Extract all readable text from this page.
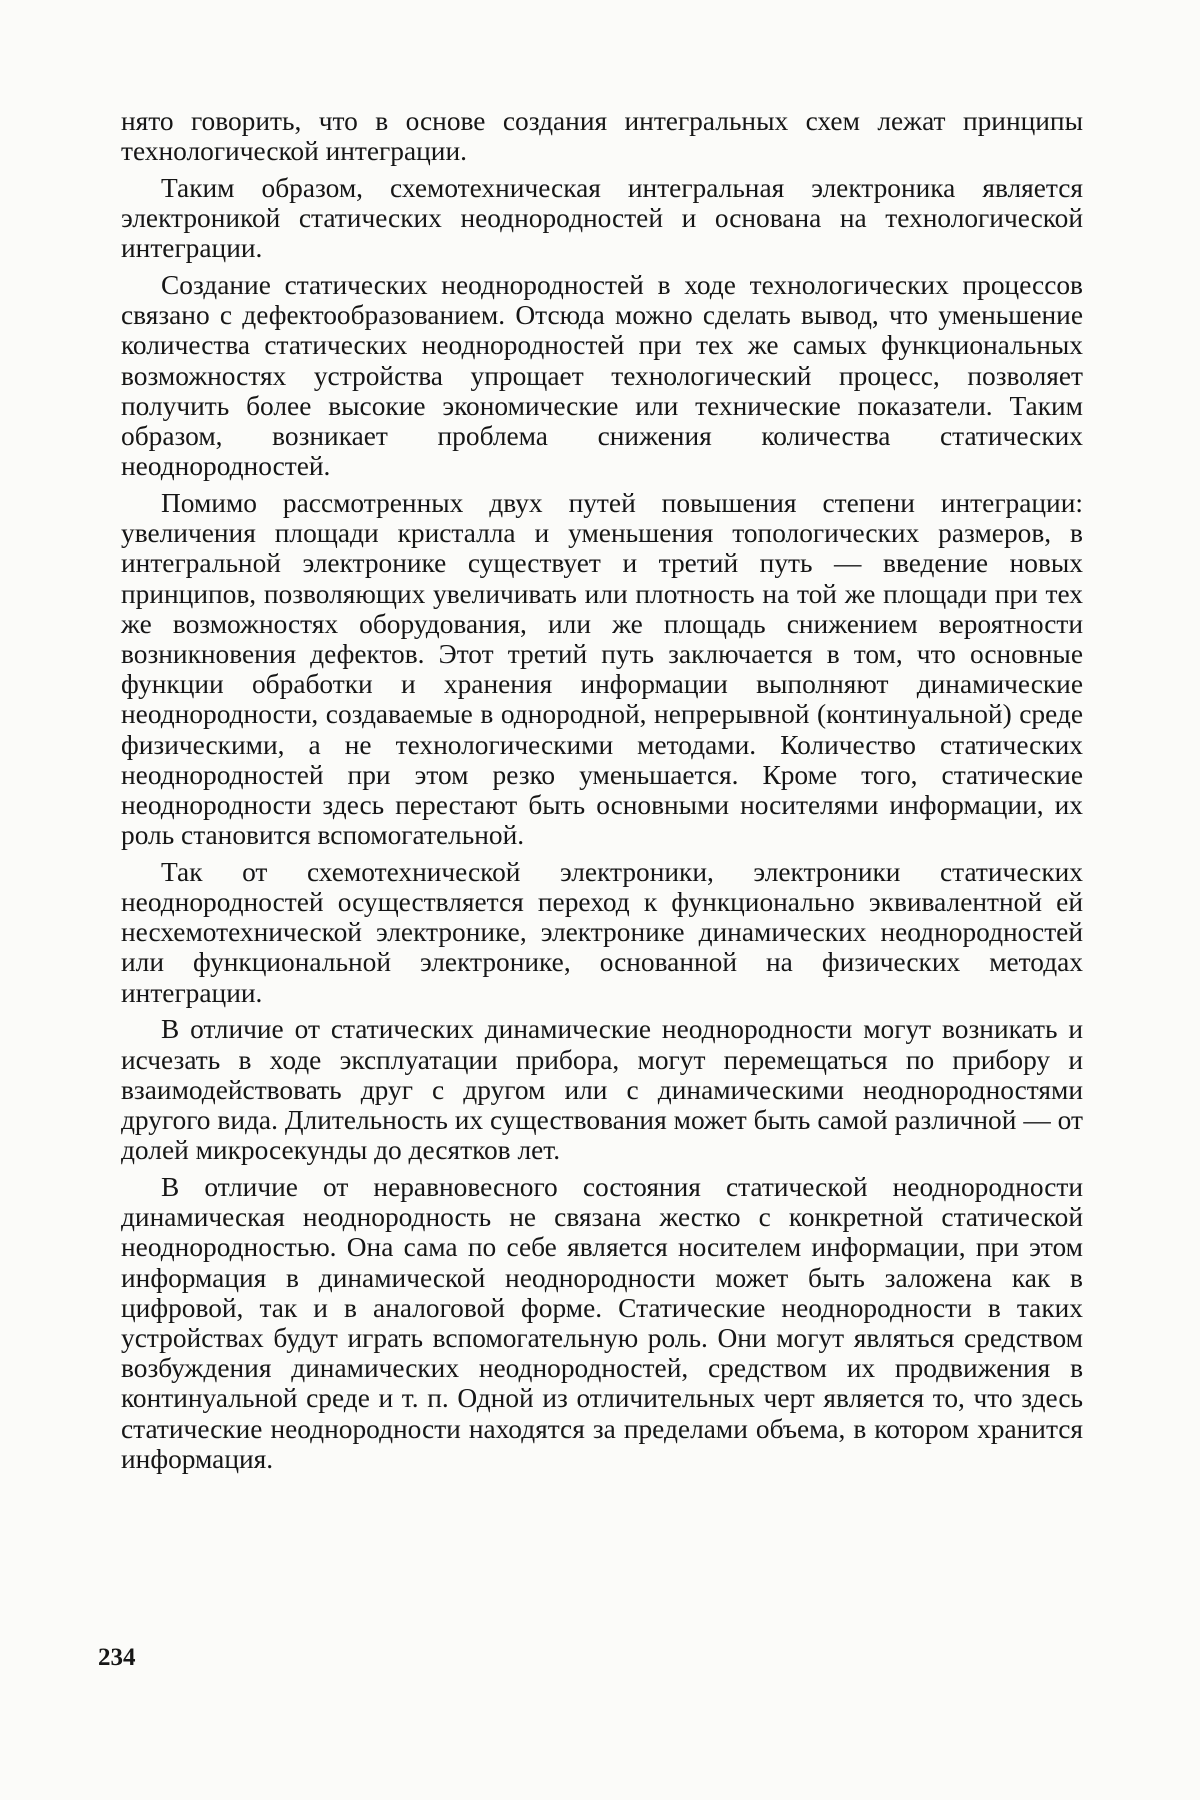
нято говорить, что в основе создания интегральных схем лежат принципы технологической интеграции.

Таким образом, схемотехническая интегральная электроника является электроникой статических неоднородностей и основана на технологической интеграции.

Создание статических неоднородностей в ходе технологических процессов связано с дефектообразованием. Отсюда можно сделать вывод, что уменьшение количества статических неоднородностей при тех же самых функциональных возможностях устройства упрощает технологический процесс, позволяет получить более высокие экономические или технические показатели. Таким образом, возникает проблема снижения количества статических неоднородностей.

Помимо рассмотренных двух путей повышения степени интеграции: увеличения площади кристалла и уменьшения топологических размеров, в интегральной электронике существует и третий путь — введение новых принципов, позволяющих увеличивать или плотность на той же площади при тех же возможностях оборудования, или же площадь снижением вероятности возникновения дефектов. Этот третий путь заключается в том, что основные функции обработки и хранения информации выполняют динамические неоднородности, создаваемые в однородной, непрерывной (континуальной) среде физическими, а не технологическими методами. Количество статических неоднородностей при этом резко уменьшается. Кроме того, статические неоднородности здесь перестают быть основными носителями информации, их роль становится вспомогательной.

Так от схемотехнической электроники, электроники статических неоднородностей осуществляется переход к функционально эквивалентной ей несхемотехнической электронике, электронике динамических неоднородностей или функциональной электронике, основанной на физических методах интеграции.

В отличие от статических динамические неоднородности могут возникать и исчезать в ходе эксплуатации прибора, могут перемещаться по прибору и взаимодействовать друг с другом или с динамическими неоднородностями другого вида. Длительность их существования может быть самой различной — от долей микросекунды до десятков лет.

В отличие от неравновесного состояния статической неоднородности динамическая неоднородность не связана жестко с конкретной статической неоднородностью. Она сама по себе является носителем информации, при этом информация в динамической неоднородности может быть заложена как в цифровой, так и в аналоговой форме. Статические неоднородности в таких устройствах будут играть вспомогательную роль. Они могут являться средством возбуждения динамических неоднородностей, средством их продвижения в континуальной среде и т. п. Одной из отличительных черт является то, что здесь статические неоднородности находятся за пределами объема, в котором хранится информация.

234
